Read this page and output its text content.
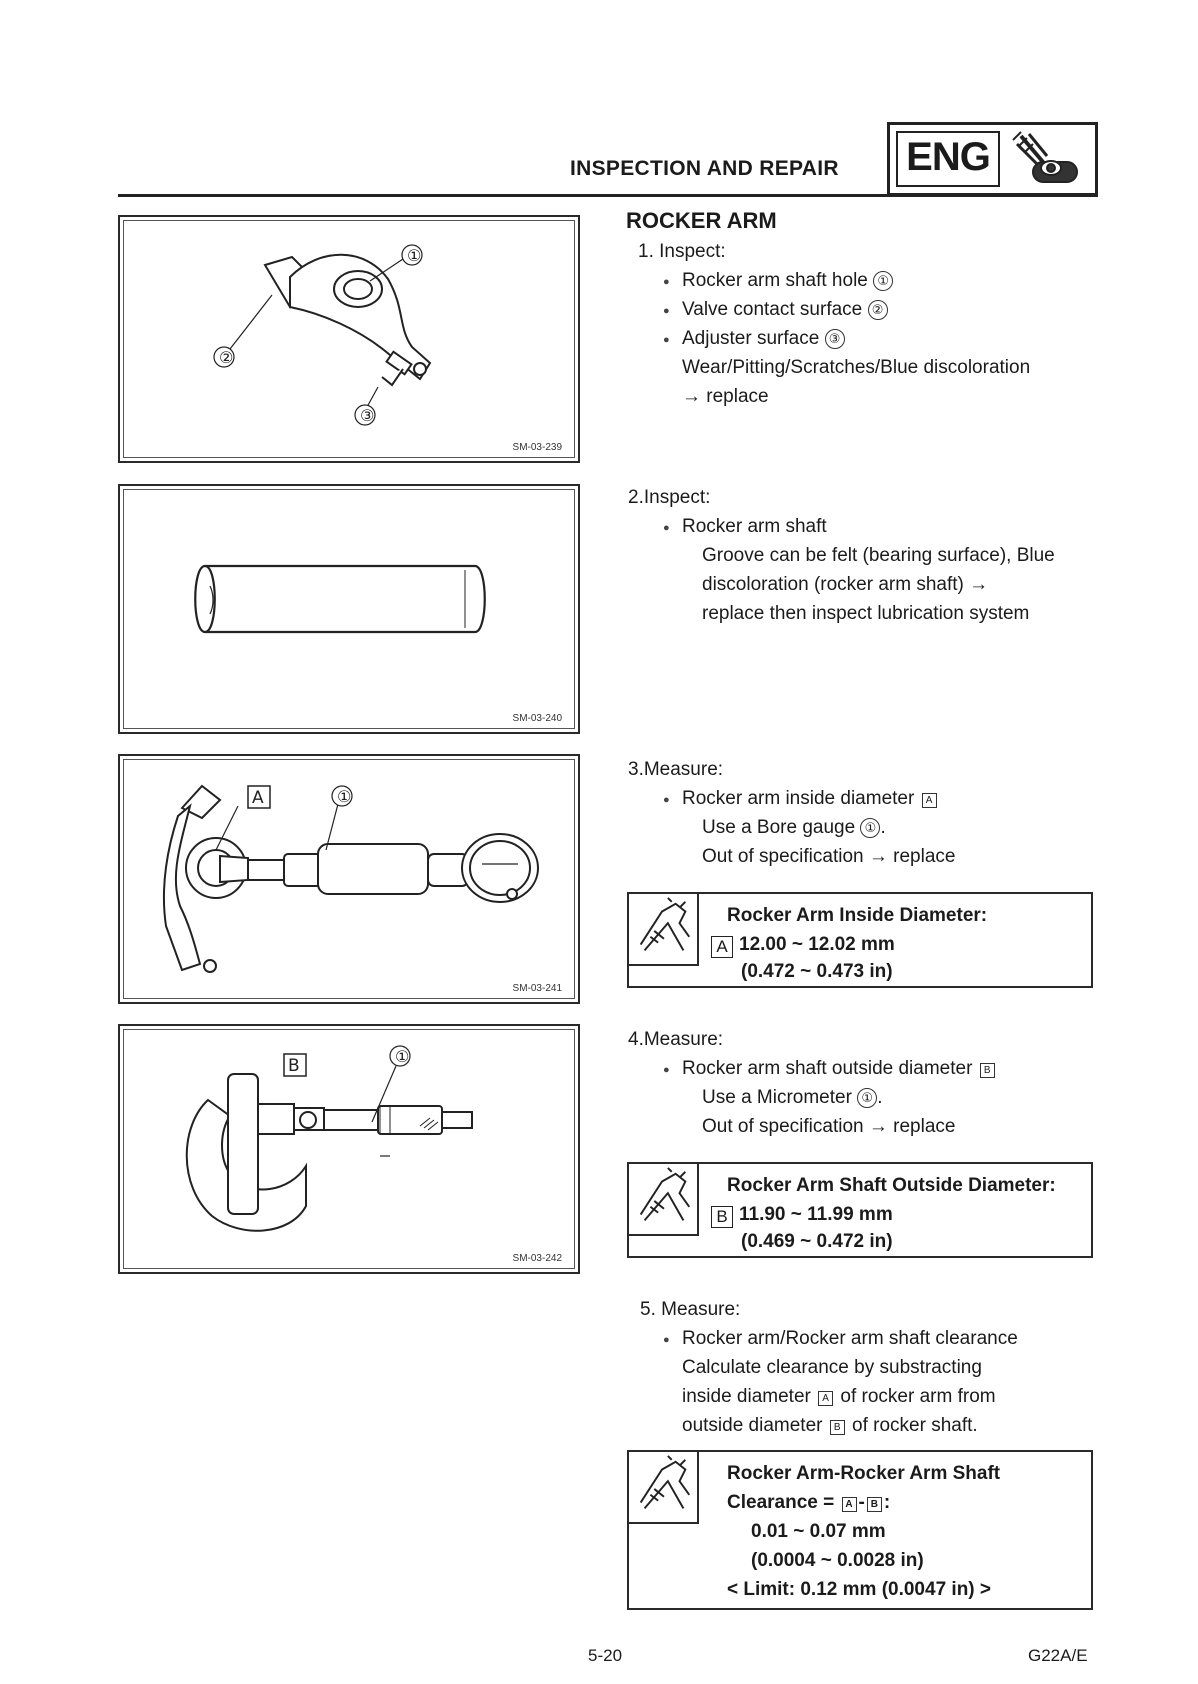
INSPECTION AND REPAIR ENG
①
②
③
SM-03-239
SM-03-240
A	①
SM-03-241
B	①
SM-03-242
ROCKER ARM
1. Inspect:
● Rocker arm shaft hole ①
● Valve contact surface ②
● Adjuster surface ③
Wear/Pitting/Scratches/Blue discoloration
→ replace
2.Inspect:
● Rocker arm shaft
Groove can be felt (bearing surface), Blue
discoloration (rocker arm shaft) →
replace then inspect lubrication system
3.Measure:
● Rocker arm inside diameter A
Use a Bore gauge ① .
Out of specification → replace
Rocker Arm Inside Diameter:
A 12.00 ~ 12.02 mm
(0.472 ~ 0.473 in)
4.Measure:
● Rocker arm shaft outside diameter B
Use a Micrometer ① .
Out of specification → replace
Rocker Arm Shaft Outside Diameter:
B 11.90 ~ 11.99 mm
(0.469 ~ 0.472 in)
5. Measure:
● Rocker arm/Rocker arm shaft clearance
Calculate clearance by substracting
inside diameter A of rocker arm from
outside diameter B of rocker shaft.
Rocker Arm-Rocker Arm Shaft
Clearance = A - B :
0.01 ~ 0.07 mm
(0.0004 ~ 0.0028 in)
< Limit: 0.12 mm (0.0047 in) >
5-20	G22A/E
